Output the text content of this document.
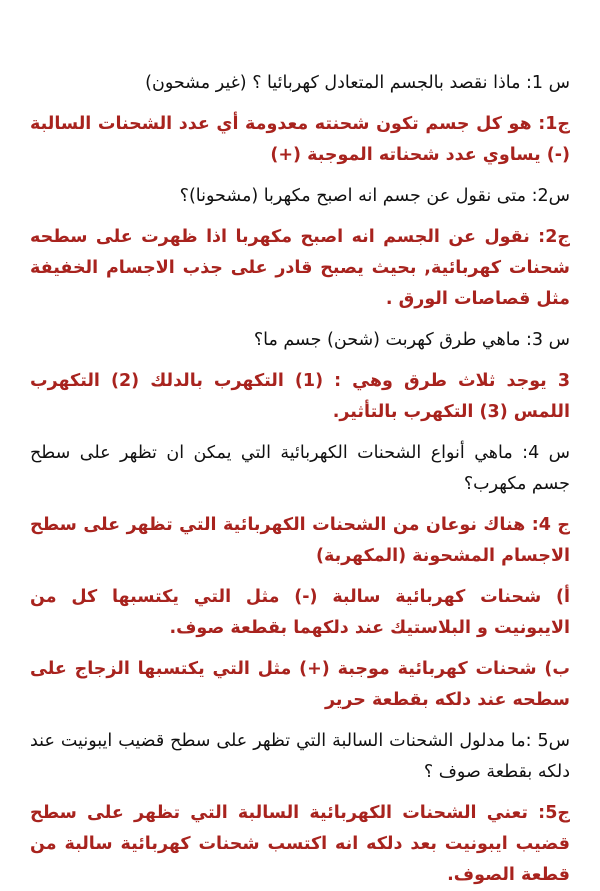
س 1: ماذا نقصد بالجسم المتعادل كهربائيا ؟ (غير مشحون)

ج1: هو كل جسم تكون شحنته معدومة أي عدد الشحنات السالبة (-) يساوي عدد شحناته الموجبة (+)

س2: متى نقول عن جسم انه اصبح مكهربا (مشحونا)؟

ج2: نقول عن الجسم انه اصبح مكهربا اذا ظهرت على سطحه شحنات كهربائية, بحيث يصبح قادر على جذب الاجسام الخفيفة مثل قصاصات الورق .

س 3: ماهي طرق كهربت (شحن) جسم ما؟

3 يوجد ثلاث طرق وهي : (1) التكهرب بالدلك (2) التكهرب اللمس (3) التكهرب بالتأثير.

س 4: ماهي أنواع الشحنات الكهربائية التي يمكن ان تظهر على سطح جسم مكهرب؟

ج 4: هناك نوعان من الشحنات الكهربائية التي تظهر على سطح الاجسام المشحونة (المكهربة)

أ) شحنات كهربائية سالبة (-) مثل التي يكتسبها كل من الايبونيت و البلاستيك عند دلكهما بقطعة صوف.

ب) شحنات كهربائية موجبة (+) مثل التي يكتسبها الزجاج على سطحه عند دلكه بقطعة حرير

س5 :ما مدلول الشحنات السالبة التي تظهر على سطح قضيب ايبونيت عند دلكه بقطعة صوف ؟

ج5: تعني الشحنات الكهربائية السالبة التي تظهر على سطح قضيب ايبونيت بعد دلكه انه اكتسب شحنات كهربائية سالبة من قطعة الصوف.
